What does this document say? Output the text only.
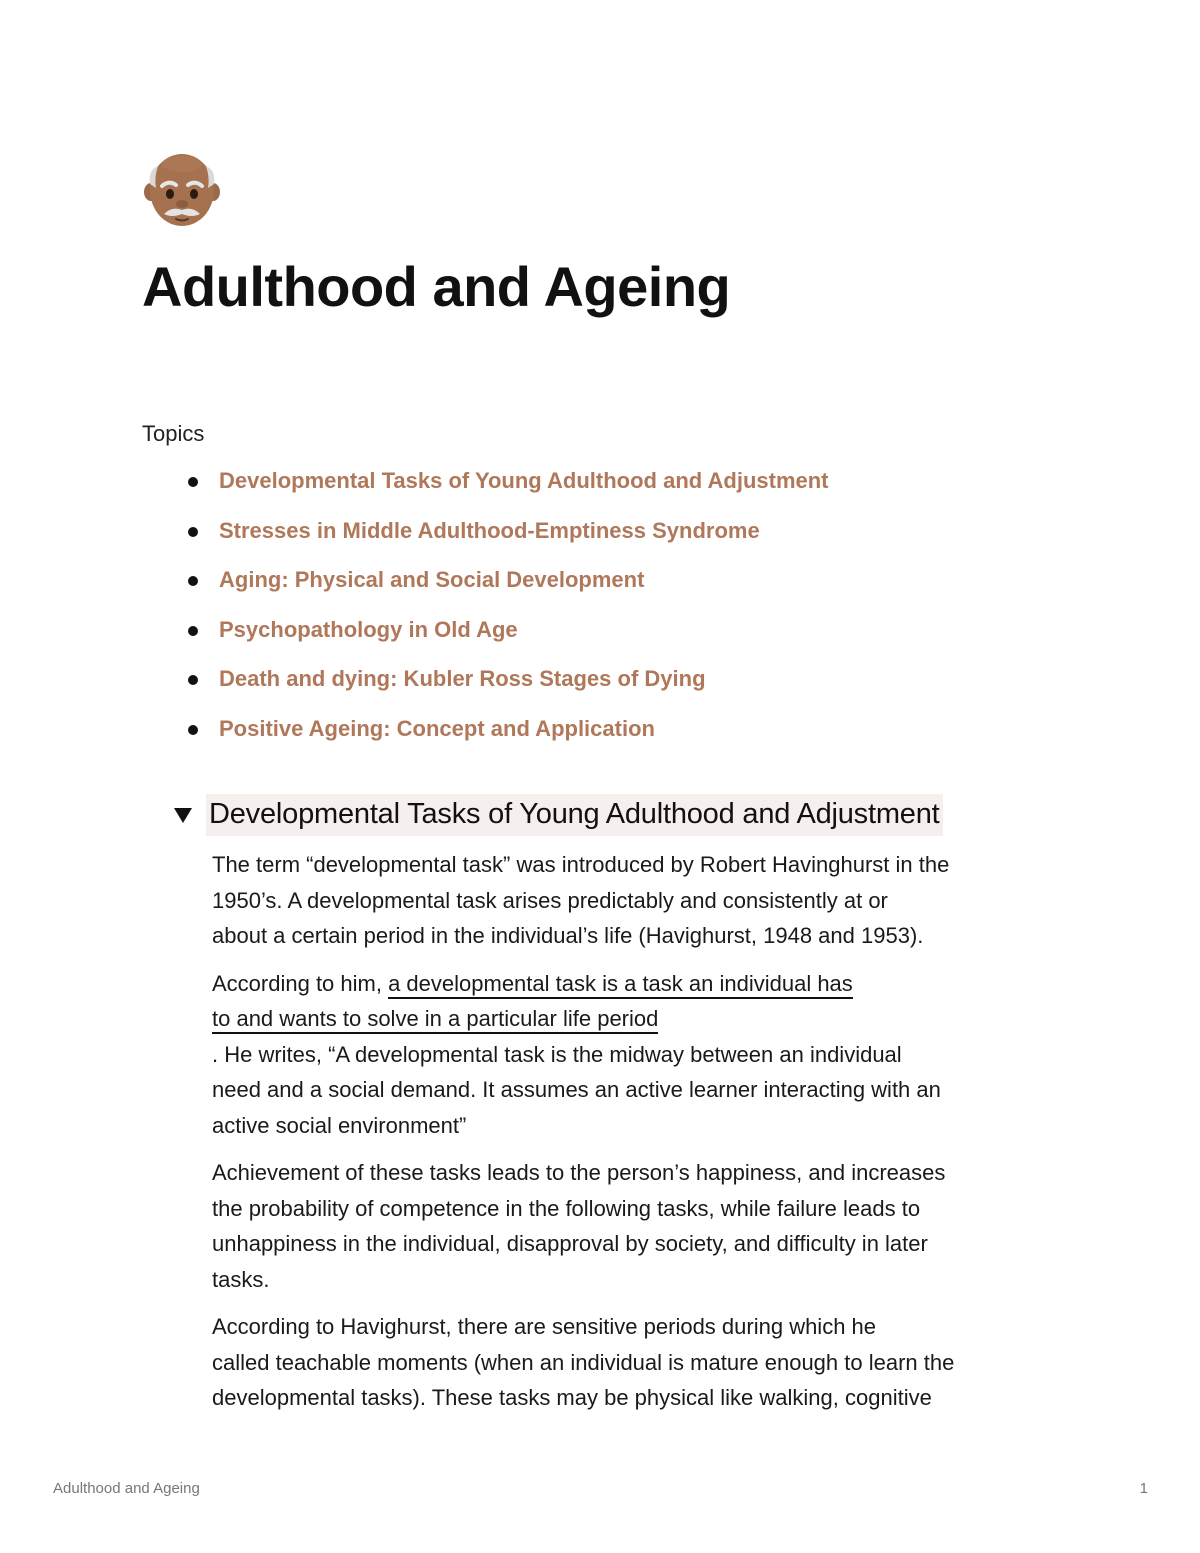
Adulthood and Ageing
Topics
Developmental Tasks of Young Adulthood and Adjustment
Stresses in Middle Adulthood-Emptiness Syndrome
Aging: Physical and Social Development
Psychopathology in Old Age
Death and dying: Kubler Ross Stages of Dying
Positive Ageing: Concept and Application
Developmental Tasks of Young Adulthood and Adjustment

The term “developmental task” was introduced by Robert Havinghurst in the
1950’s. A developmental task arises predictably and consistently at or
about a certain period in the individual’s life (Havighurst, 1948 and 1953).

According to him, a developmental task is a task an individual has
to and wants to solve in a particular life period
. He writes, “A developmental task is the midway between an individual
need and a social demand. It assumes an active learner interacting with an
active social environment”

Achievement of these tasks leads to the person’s happiness, and increases
the probability of competence in the following tasks, while failure leads to
unhappiness in the individual, disapproval by society, and difficulty in later
tasks.

According to Havighurst, there are sensitive periods during which he
called teachable moments (when an individual is mature enough to learn the
developmental tasks). These tasks may be physical like walking, cognitive

Adulthood and Ageing	1
